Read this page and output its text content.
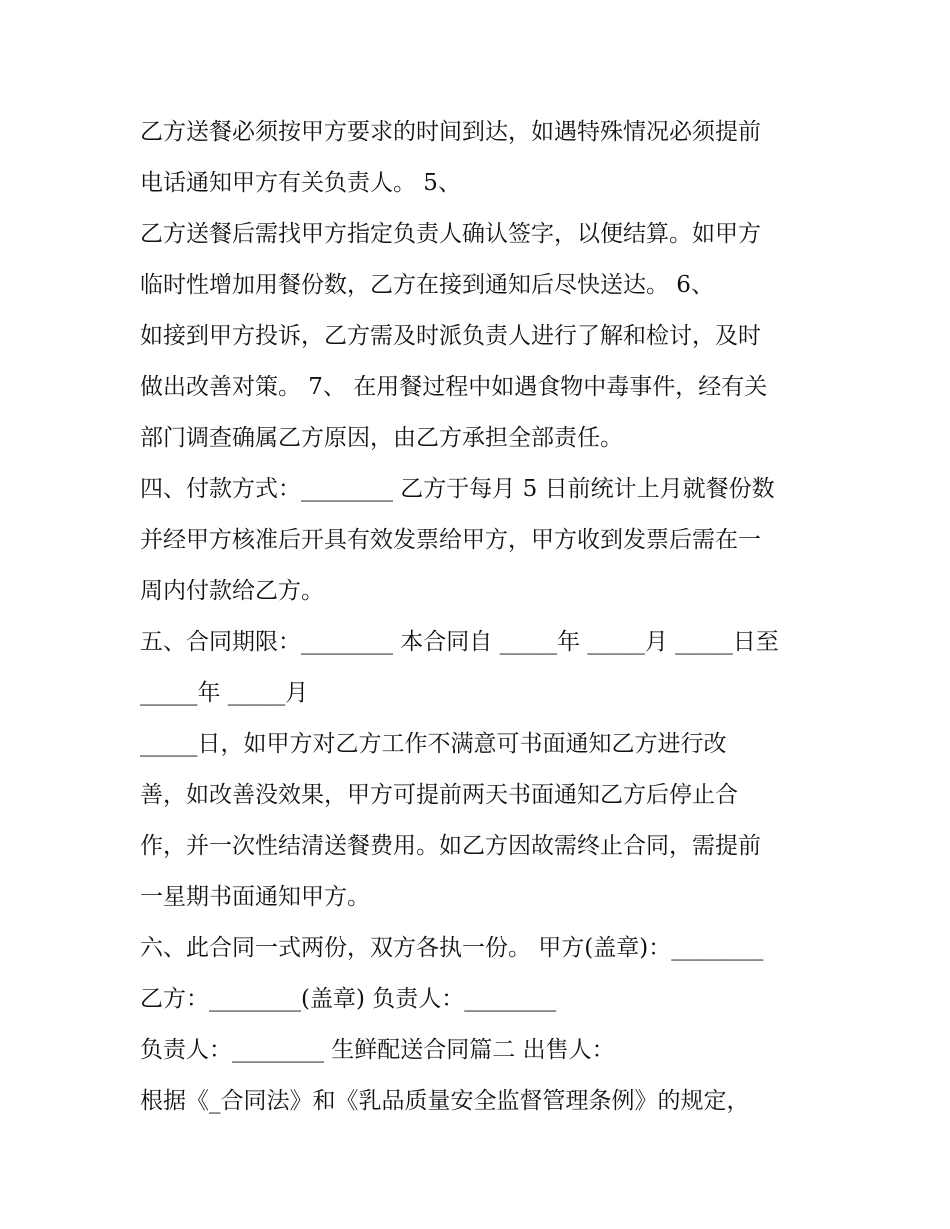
乙方送餐必须按甲方要求的时间到达，如遇特殊情况必须提前
电话通知甲方有关负责人。 5、
乙方送餐后需找甲方指定负责人确认签字，以便结算。如甲方
临时性增加用餐份数，乙方在接到通知后尽快送达。 6、
如接到甲方投诉，乙方需及时派负责人进行了解和检讨，及时
做出改善对策。 7、 在用餐过程中如遇食物中毒事件，经有关
部门调查确属乙方原因，由乙方承担全部责任。
四、付款方式：________ 乙方于每月 5 日前统计上月就餐份数
并经甲方核准后开具有效发票给甲方，甲方收到发票后需在一
周内付款给乙方。
五、合同期限：________ 本合同自 _____年 _____月 _____日至
_____年 _____月
_____日，如甲方对乙方工作不满意可书面通知乙方进行改
善，如改善没效果，甲方可提前两天书面通知乙方后停止合
作，并一次性结清送餐费用。如乙方因故需终止合同，需提前
一星期书面通知甲方。
六、此合同一式两份，双方各执一份。 甲方(盖章)：________
乙方：________(盖章) 负责人：________
负责人：________ 生鲜配送合同篇二 出售人：
根据《_合同法》和《乳品质量安全监督管理条例》的规定，
